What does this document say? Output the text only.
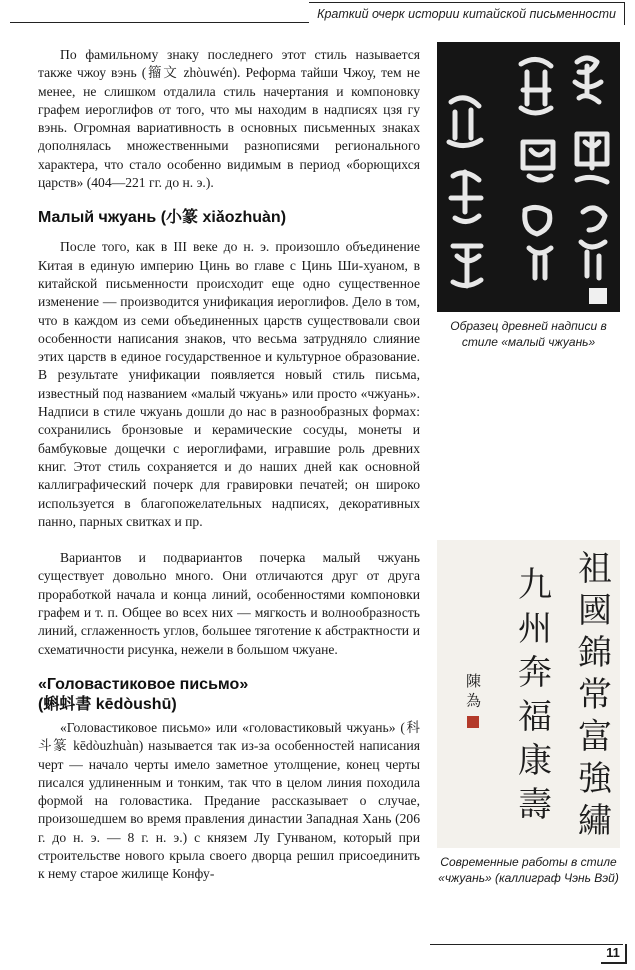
Краткий очерк истории китайской письменности

По фамильному знаку последнего этот стиль называется также чжоу вэнь (籀文 zhòuwén). Реформа тайши Чжоу, тем не менее, не слишком отдалила стиль начертания и компоновку графем иероглифов от того, что мы находим в надписях цзя гу вэнь. Огромная вариативность в основных письменных знаках дополнялась множественными разнописями регионального характера, что стало особенно видимым в период «борющихся царств» (404—221 гг. до н. э.).

Малый чжуань (小篆 xiǎozhuàn)

После того, как в III веке до н. э. произошло объединение Китая в единую империю Цинь во главе с Цинь Ши-хуаном, в китайской письменности происходит еще одно существенное изменение — производится унификация иероглифов. Дело в том, что в каждом из семи объединенных царств существовали свои особенности написания знаков, что весьма затрудняло слияние этих царств в единое государственное и культурное образование. В результате унификации появляется новый стиль письма, известный под названием «малый чжуань» или просто «чжуань». Надписи в стиле чжуань дошли до нас в разнообразных формах: сохранились бронзовые и керамические сосуды, монеты и бамбуковые дощечки с иероглифами, игравшие роль древних книг. Этот стиль сохраняется и до наших дней как основной каллиграфический почерк для гравировки печатей; он широко используется в благопожелательных надписях, декоративных панно, парных свитках и пр.

Вариантов и подвариантов почерка малый чжуань существует довольно много. Они отличаются друг от друга проработкой начала и конца линий, особенностями компоновки графем и т. п. Общее во всех них — мягкость и волнообразность линий, сглаженность углов, большее тяготение к абстрактности и схематичности рисунка, нежели в большом чжуане.

«Головастиковое письмо»
(蝌蚪書 kēdòushū)

«Головастиковое письмо» или «головастиковый чжуань» (科斗篆 kēdòuzhuàn) называется так из-за особенностей написания черт — начало черты имело заметное утолщение, конец черты писался удлиненным и тонким, так что в целом линия походила формой на головастика. Предание рассказывает о случае, произошедшем во время правления династии Западная Хань (206 г. до н. э. — 8 г. н. э.) с князем Лу Гунваном, который при строительстве нового крыла своего дворца решил присоединить к нему старое жилище Конфу-

Образец древней надписи в стиле «малый чжуань»
祖
國
錦
常
富
強
繡
九
州
奔
福
康
壽
陳 為
Современные работы в стиле «чжуань» (каллиграф Чэнь Вэй)
11
